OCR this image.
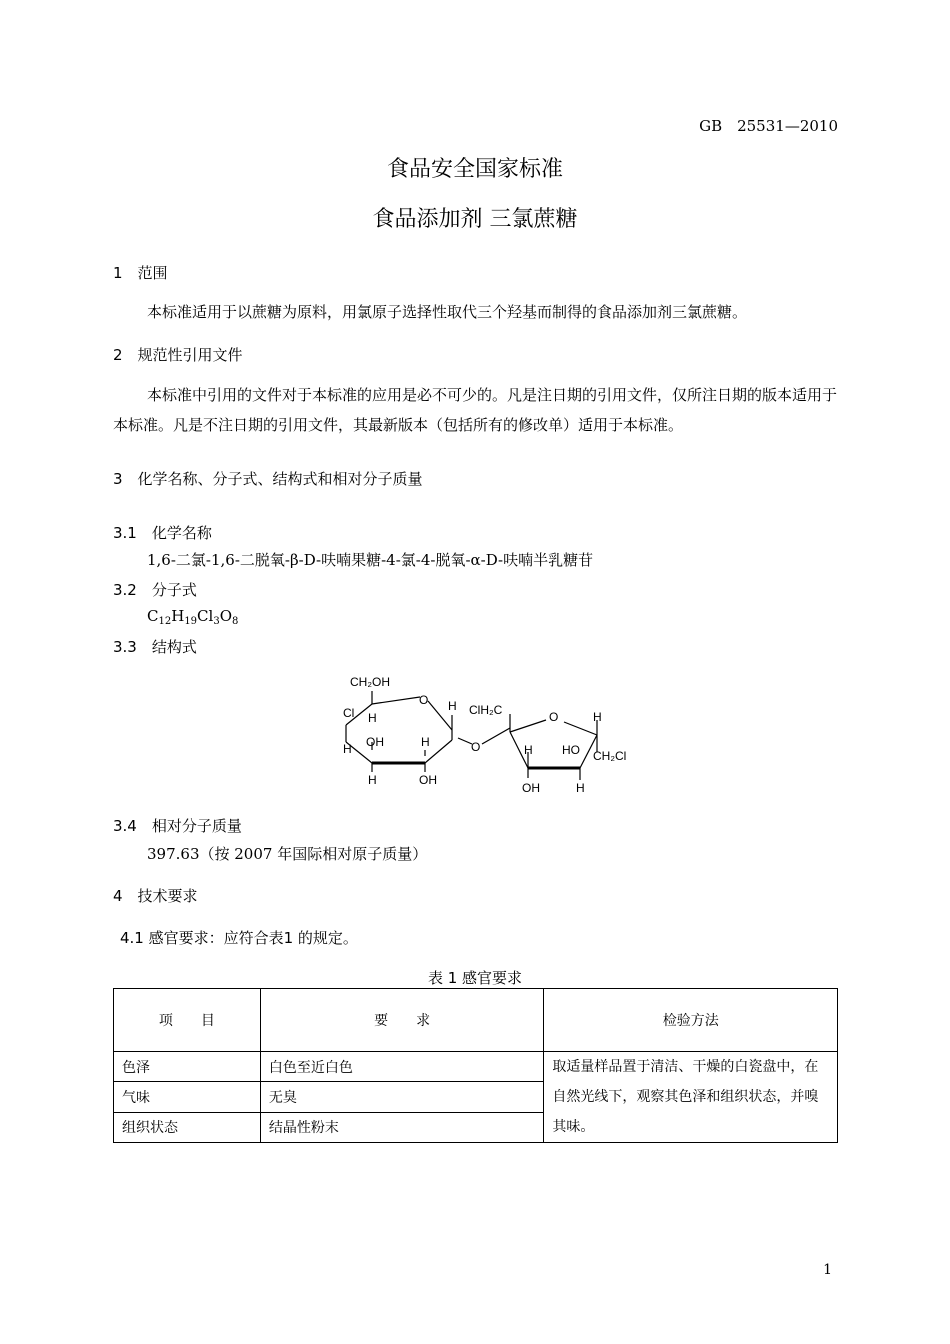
GB　25531—2010
食品安全国家标准
食品添加剂 三氯蔗糖
1　范围
本标准适用于以蔗糖为原料，用氯原子选择性取代三个羟基而制得的食品添加剂三氯蔗糖。
2　规范性引用文件
本标准中引用的文件对于本标准的应用是必不可少的。凡是注日期的引用文件，仅所注日期的版本适用于本标准。凡是不注日期的引用文件，其最新版本（包括所有的修改单）适用于本标准。
3　化学名称、分子式、结构式和相对分子质量
3.1　化学名称
1,6-二氯-1,6-二脱氧-β-D-呋喃果糖-4-氯-4-脱氧-α-D-呋喃半乳糖苷
3.2　分子式
$C_{12}H_{19}Cl_3O_8$
3.3　结构式
CH₂OH
O
Cl H
H
H OH	H
H	OH
O
ClH₂C	O	H
H HO CH₂Cl
OH	H
3.4　相对分子质量
397.63（按 2007 年国际相对原子质量）
4　技术要求
4.1 感官要求：应符合表1 的规定。
表 1 感官要求
项　　目	要　　求	检验方法
色泽	白色至近白色	取适量样品置于清洁、干燥的白瓷盘中，在自然光线下，观察其色泽和组织状态，并嗅其味。
气味	无臭	
组织状态	结晶性粉末	
1
